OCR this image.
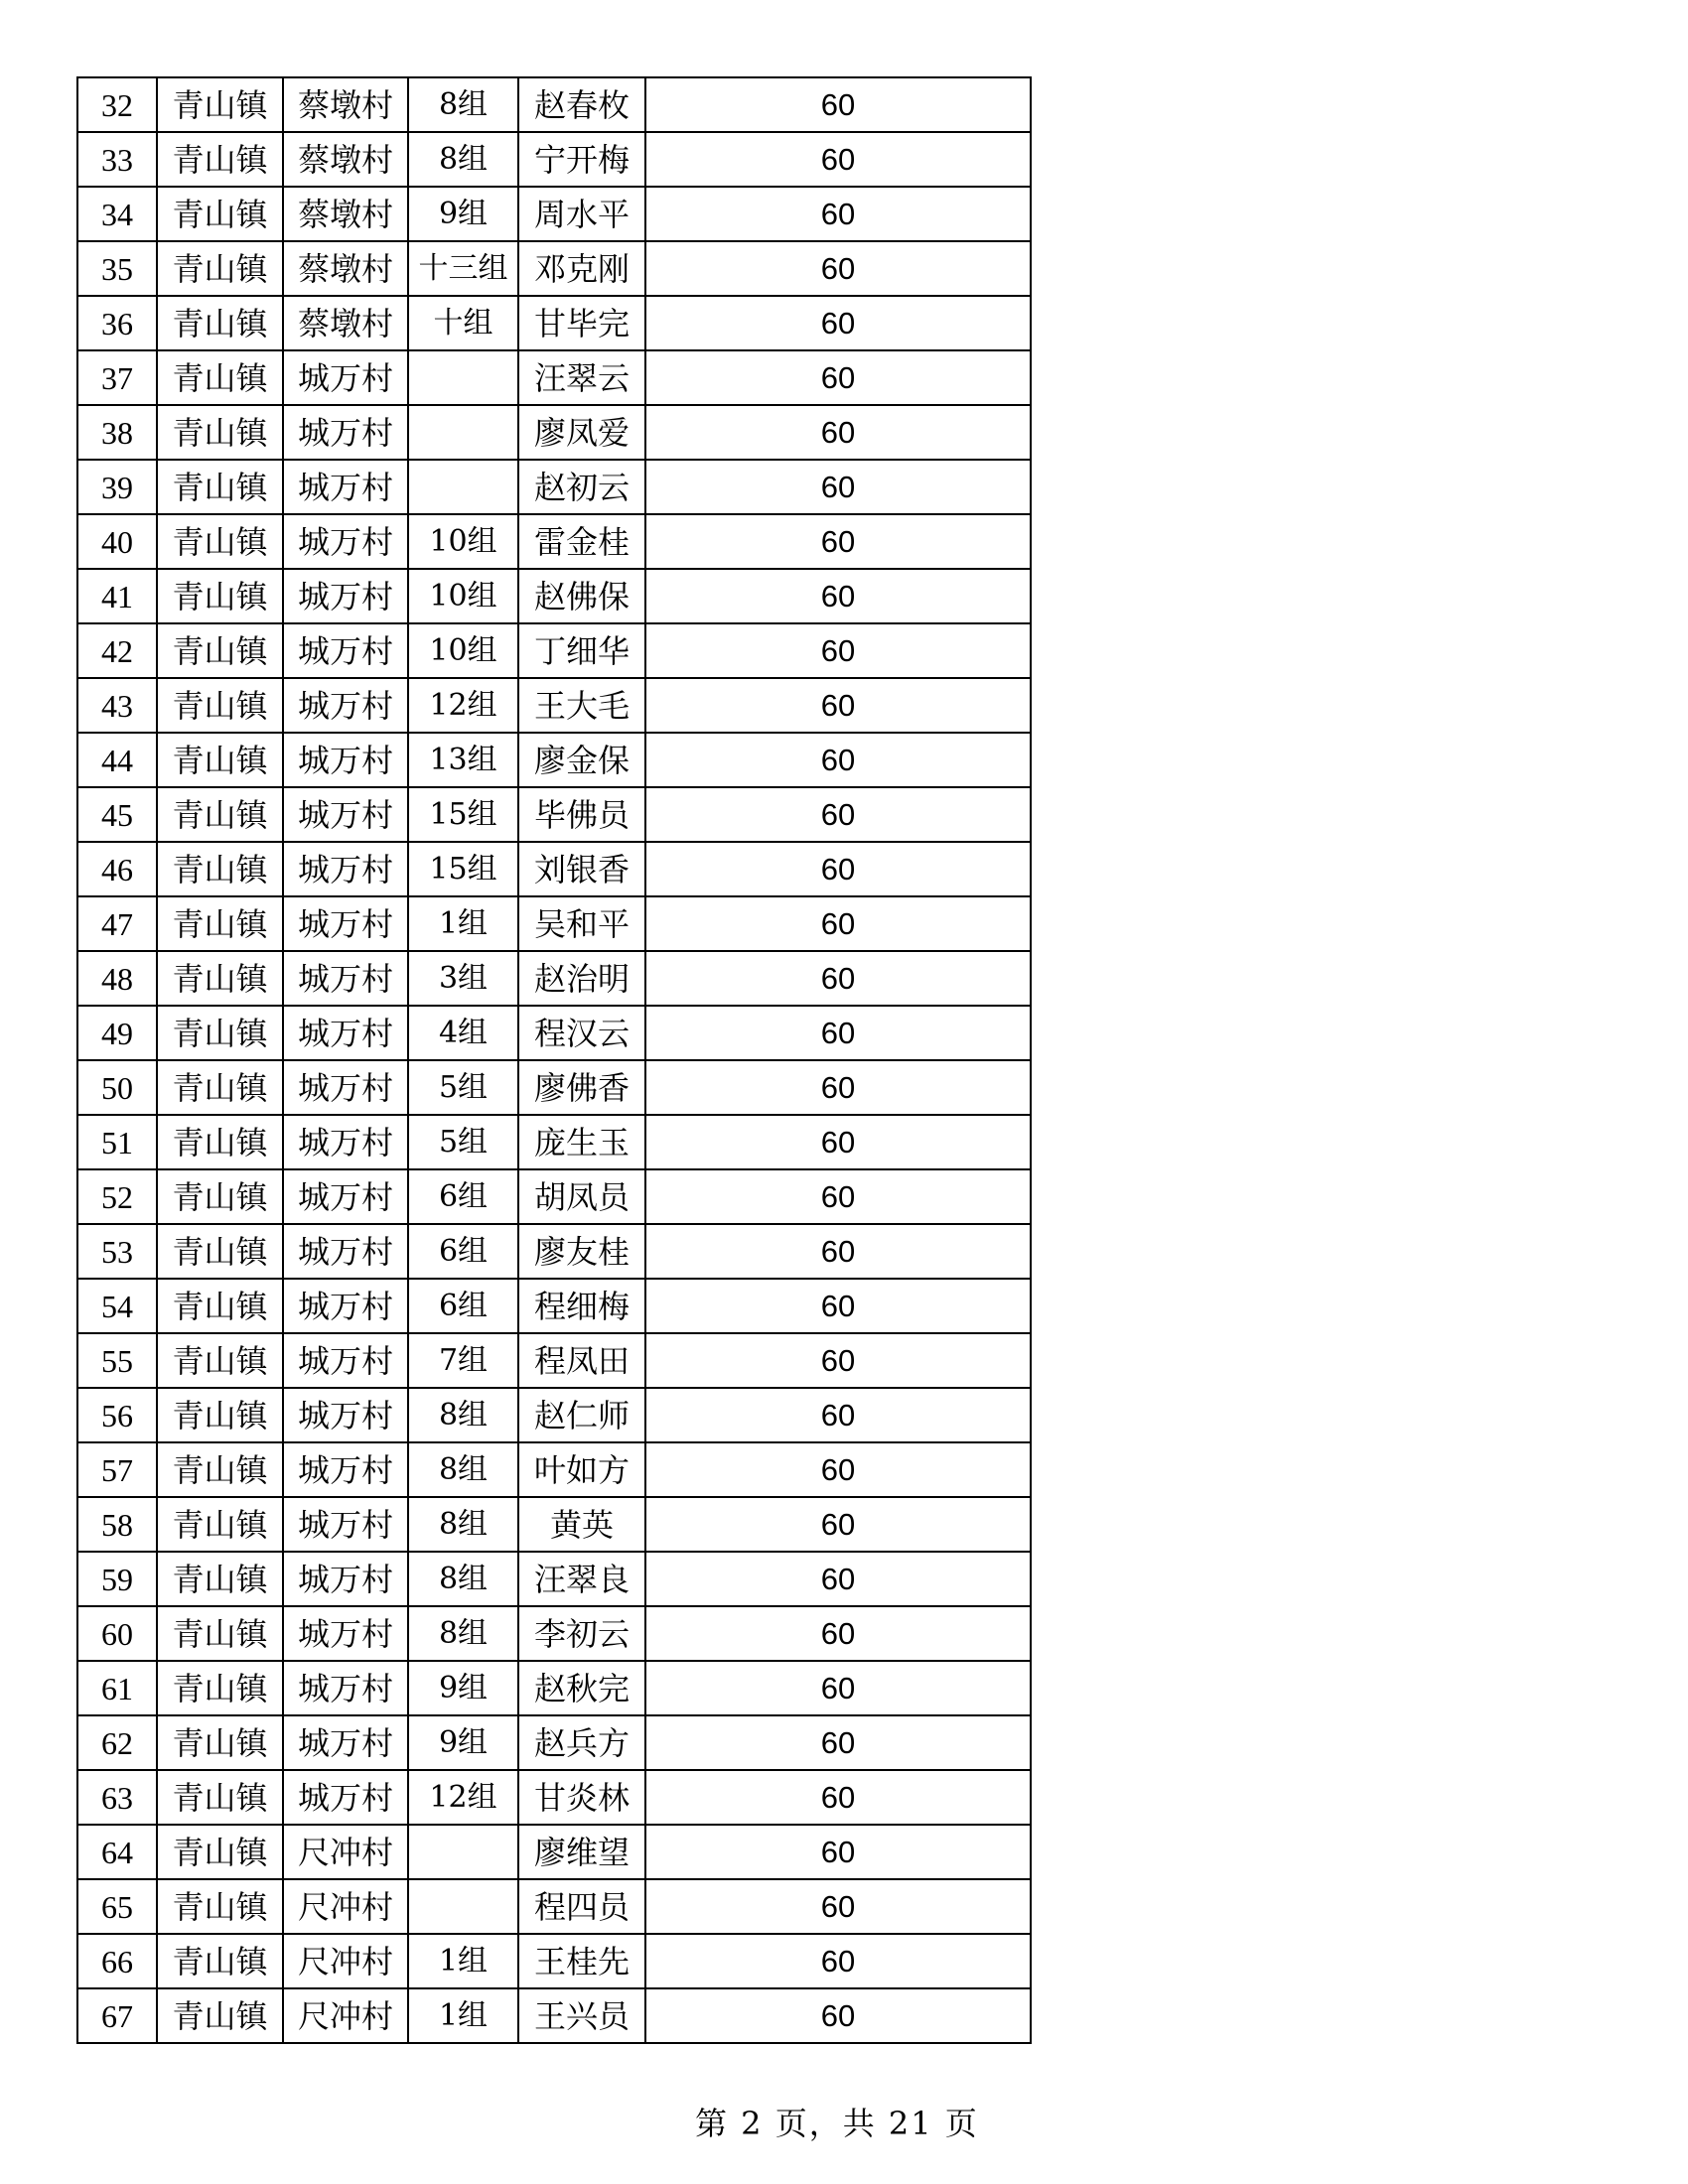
32	青山镇	蔡墩村	8组	赵春枚	60
33	青山镇	蔡墩村	8组	宁开梅	60
34	青山镇	蔡墩村	9组	周水平	60
35	青山镇	蔡墩村	十三组	邓克刚	60
36	青山镇	蔡墩村	十组	甘毕完	60
37	青山镇	城万村		汪翠云	60
38	青山镇	城万村		廖凤爱	60
39	青山镇	城万村		赵初云	60
40	青山镇	城万村	10组	雷金桂	60
41	青山镇	城万村	10组	赵佛保	60
42	青山镇	城万村	10组	丁细华	60
43	青山镇	城万村	12组	王大毛	60
44	青山镇	城万村	13组	廖金保	60
45	青山镇	城万村	15组	毕佛员	60
46	青山镇	城万村	15组	刘银香	60
47	青山镇	城万村	1组	吴和平	60
48	青山镇	城万村	3组	赵治明	60
49	青山镇	城万村	4组	程汉云	60
50	青山镇	城万村	5组	廖佛香	60
51	青山镇	城万村	5组	庞生玉	60
52	青山镇	城万村	6组	胡凤员	60
53	青山镇	城万村	6组	廖友桂	60
54	青山镇	城万村	6组	程细梅	60
55	青山镇	城万村	7组	程凤田	60
56	青山镇	城万村	8组	赵仁师	60
57	青山镇	城万村	8组	叶如方	60
58	青山镇	城万村	8组	黄英	60
59	青山镇	城万村	8组	汪翠良	60
60	青山镇	城万村	8组	李初云	60
61	青山镇	城万村	9组	赵秋完	60
62	青山镇	城万村	9组	赵兵方	60
63	青山镇	城万村	12组	甘炎林	60
64	青山镇	尺冲村		廖维望	60
65	青山镇	尺冲村		程四员	60
66	青山镇	尺冲村	1组	王桂先	60
67	青山镇	尺冲村	1组	王兴员	60
第 2 页，共 21 页
